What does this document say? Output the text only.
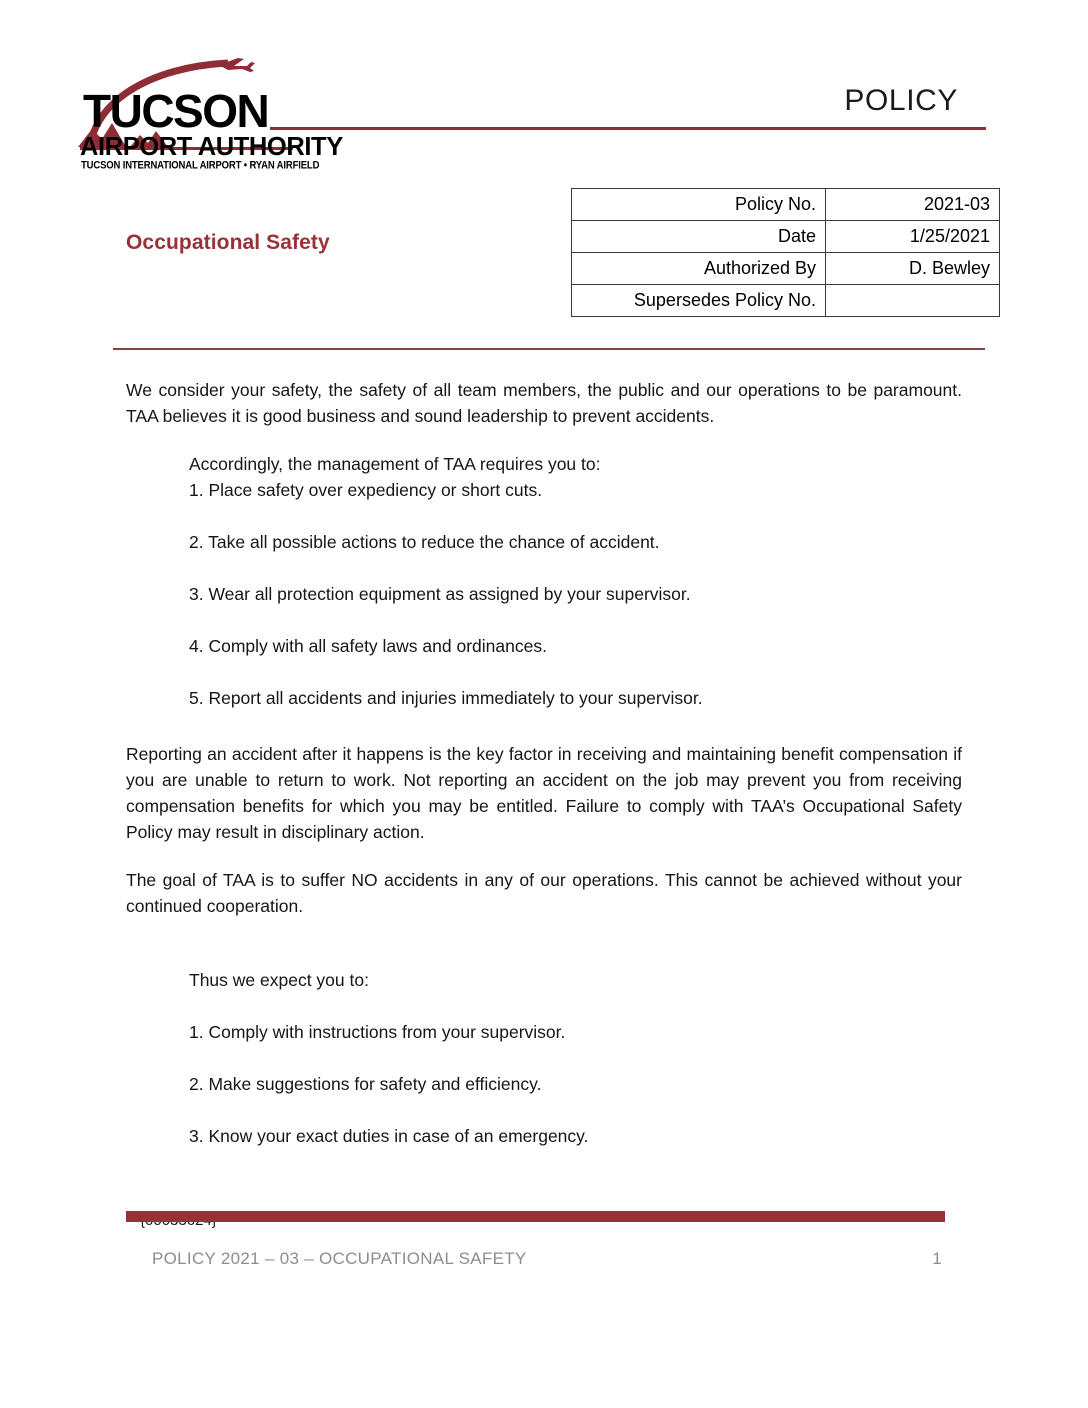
TUCSON
AIRPORT AUTHORITY
TUCSON INTERNATIONAL AIRPORT • RYAN AIRFIELD
POLICY
Occupational Safety
Policy No.	2021-03
Date	1/25/2021
Authorized By	D. Bewley
Supersedes Policy No.	

We consider your safety, the safety of all team members, the public and our operations to be paramount. TAA believes it is good business and sound leadership to prevent accidents.

Accordingly, the management of TAA requires you to:

1. Place safety over expediency or short cuts.

2. Take all possible actions to reduce the chance of accident.

3. Wear all protection equipment as assigned by your supervisor.

4. Comply with all safety laws and ordinances.

5. Report all accidents and injuries immediately to your supervisor.

Reporting an accident after it happens is the key factor in receiving and maintaining benefit compensation if you are unable to return to work. Not reporting an accident on the job may prevent you from receiving compensation benefits for which you may be entitled. Failure to comply with TAA’s Occupational Safety Policy may result in disciplinary action.

The goal of TAA is to suffer NO accidents in any of our operations. This cannot be achieved without your continued cooperation.

Thus we expect you to:

1. Comply with instructions from your supervisor.

2. Make suggestions for safety and efficiency.

3. Know your exact duties in case of an emergency.

POLICY 2021 – 03 – OCCUPATIONAL SAFETY	1
